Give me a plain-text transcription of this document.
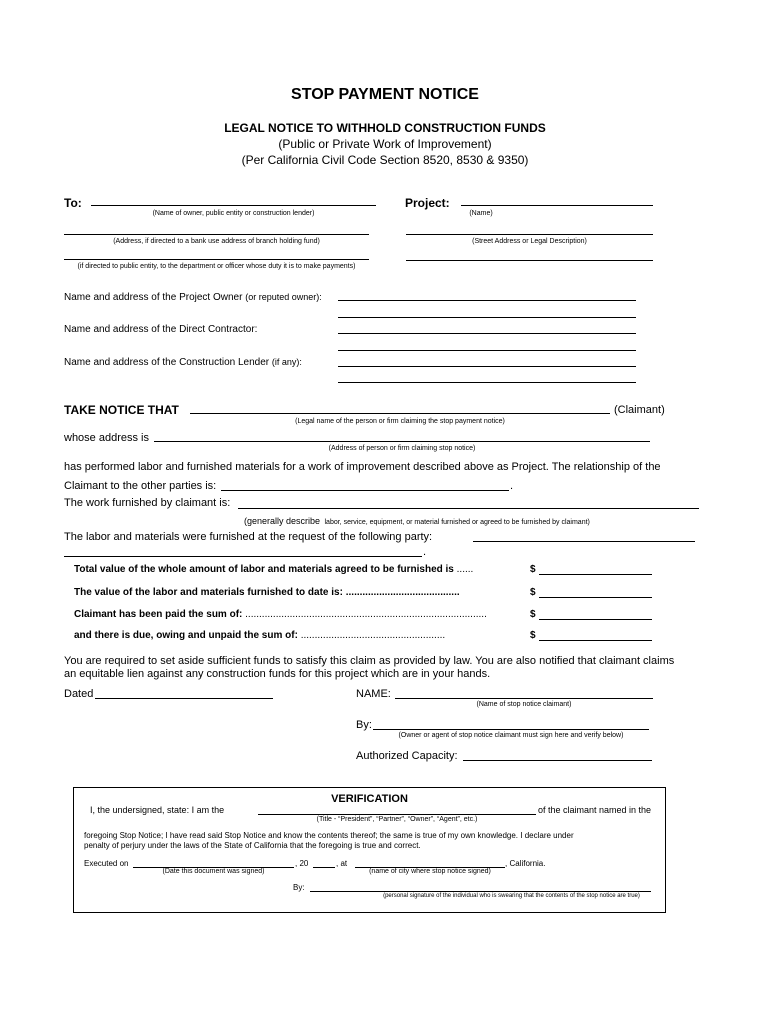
STOP PAYMENT NOTICE
LEGAL NOTICE TO WITHHOLD CONSTRUCTION FUNDS
(Public or Private Work of Improvement)
(Per California Civil Code Section 8520, 8530 & 9350)
To:
(Name of owner, public entity or construction lender)
(Address, if directed to a bank use address of branch holding fund)
(if directed to public entity, to the department or officer whose duty it is to make payments)
Project:
(Name)
(Street Address or Legal Description)
Name and address of the Project Owner (or reputed owner):
Name and address of the Direct Contractor:
Name and address of the Construction Lender (if any):
TAKE NOTICE THAT	(Claimant)
(Legal name of the person or firm claiming the stop payment notice)
whose address is
(Address of person or firm claiming stop notice)
has performed labor and furnished materials for a work of improvement described above as Project. The relationship of the
Claimant to the other parties is:	.
The work furnished by claimant is:
(generally describe labor, service, equipment, or material furnished or agreed to be furnished by claimant)
The labor and materials were furnished at the request of the following party:
.
Total value of the whole amount of labor and materials agreed to be furnished is ......	$
The value of the labor and materials furnished to date is: .........................................	$
Claimant has been paid the sum of: .......................................................................................	$
and there is due, owing and unpaid the sum of: ....................................................	$
You are required to set aside sufficient funds to satisfy this claim as provided by law. You are also notified that claimant claims
an equitable lien against any construction funds for this project which are in your hands.
Dated	NAME:
(Name of stop notice claimant)
By:
(Owner or agent of stop notice claimant must sign here and verify below)
Authorized Capacity:
VERIFICATION
I, the undersigned, state: I am the	of the claimant named in the
(Title - “President”, “Partner”, “Owner”, “Agent”, etc.)
foregoing Stop Notice; I have read said Stop Notice and know the contents thereof; the same is true of my own knowledge. I declare under
penalty of perjury under the laws of the State of California that the foregoing is true and correct.
Executed on	, 20	, at	, California.
(Date this document was signed)	(name of city where stop notice signed)
By:
(personal signature of the individual who is swearing that the contents of the stop notice are true)
